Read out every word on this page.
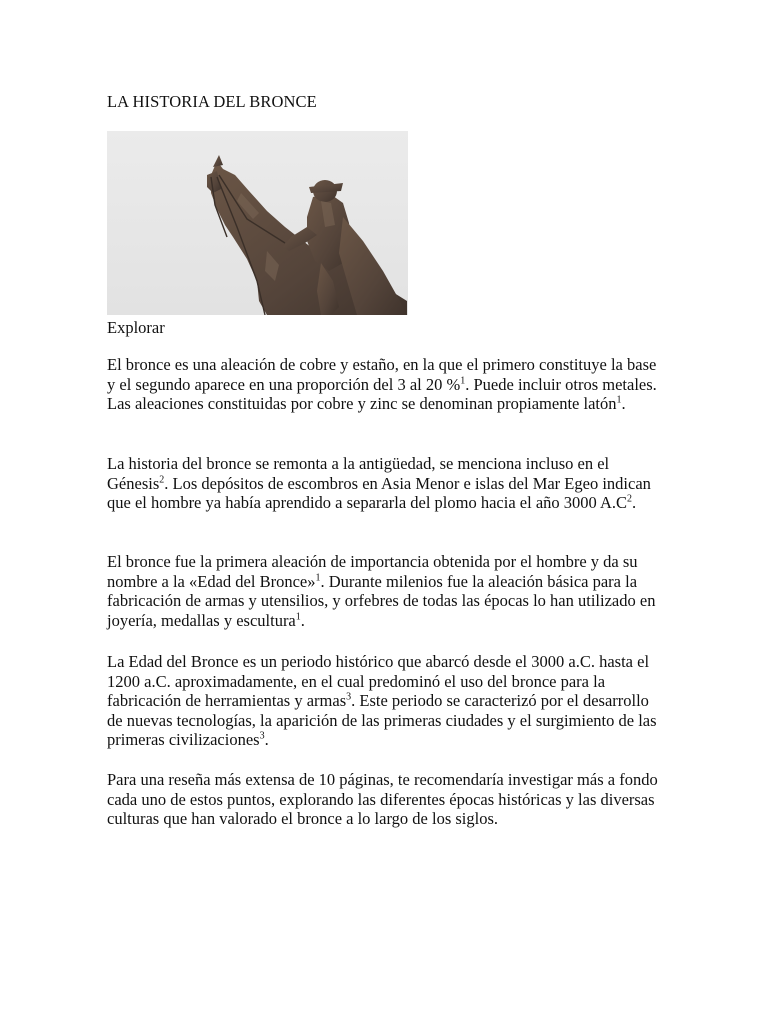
LA HISTORIA DEL BRONCE

Explorar

El bronce es una aleación de cobre y estaño, en la que el primero constituye la base y el segundo aparece en una proporción del 3 al 20 %$^1$. Puede incluir otros metales. Las aleaciones constituidas por cobre y zinc se denominan propiamente latón$^1$.

La historia del bronce se remonta a la antigüedad, se menciona incluso en el Génesis$^2$. Los depósitos de escombros en Asia Menor e islas del Mar Egeo indican que el hombre ya había aprendido a separarla del plomo hacia el año 3000 $A.C^2$.

El bronce fue la primera aleación de importancia obtenida por el hombre y da su nombre a la «Edad del Bronce»$^1$. Durante milenios fue la aleación básica para la fabricación de armas y utensilios, y orfebres de todas las épocas lo han utilizado en joyería, medallas y escultura$^1$.

La Edad del Bronce es un periodo histórico que abarcó desde el 3000 a.C. hasta el 1200 a.C. aproximadamente, en el cual predominó el uso del bronce para la fabricación de herramientas y armas$^3$. Este periodo se caracterizó por el desarrollo de nuevas tecnologías, la aparición de las primeras ciudades y el surgimiento de las primeras civilizaciones$^3$.

Para una reseña más extensa de 10 páginas, te recomendaría investigar más a fondo cada uno de estos puntos, explorando las diferentes épocas históricas y las diversas culturas que han valorado el bronce a lo largo de los siglos.
